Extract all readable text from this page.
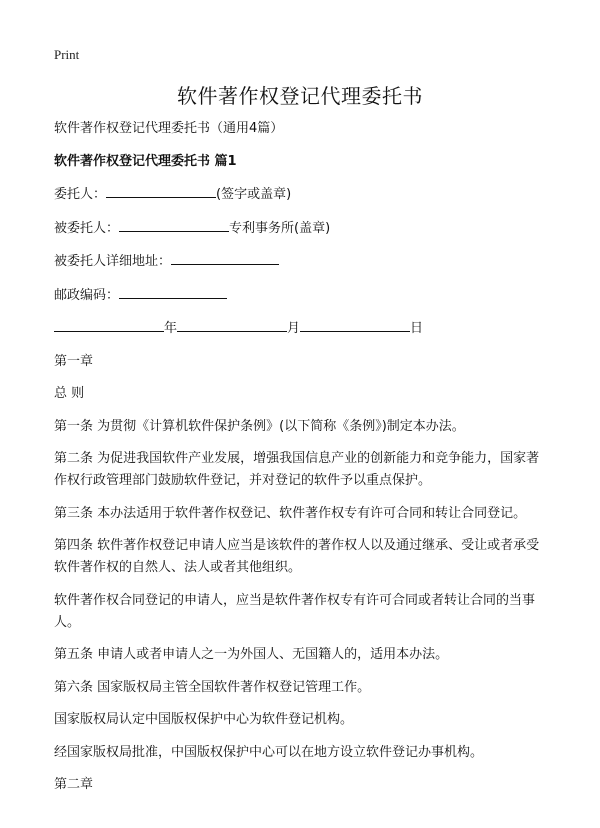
Print
软件著作权登记代理委托书

软件著作权登记代理委托书（通用4篇）

软件著作权登记代理委托书 篇1

委托人：	(签字或盖章)

被委托人：	专利事务所(盖章)

被委托人详细地址：

邮政编码：

年	月	日

第一章

总 则

第一条 为贯彻《计算机软件保护条例》(以下简称《条例》)制定本办法。

第二条 为促进我国软件产业发展，增强我国信息产业的创新能力和竞争能力，国家著作权行政管理部门鼓励软件登记，并对登记的软件予以重点保护。

第三条 本办法适用于软件著作权登记、软件著作权专有许可合同和转让合同登记。

第四条 软件著作权登记申请人应当是该软件的著作权人以及通过继承、受让或者承受软件著作权的自然人、法人或者其他组织。

软件著作权合同登记的申请人，应当是软件著作权专有许可合同或者转让合同的当事人。

第五条 申请人或者申请人之一为外国人、无国籍人的，适用本办法。

第六条 国家版权局主管全国软件著作权登记管理工作。

国家版权局认定中国版权保护中心为软件登记机构。

经国家版权局批准，中国版权保护中心可以在地方设立软件登记办事机构。

第二章
